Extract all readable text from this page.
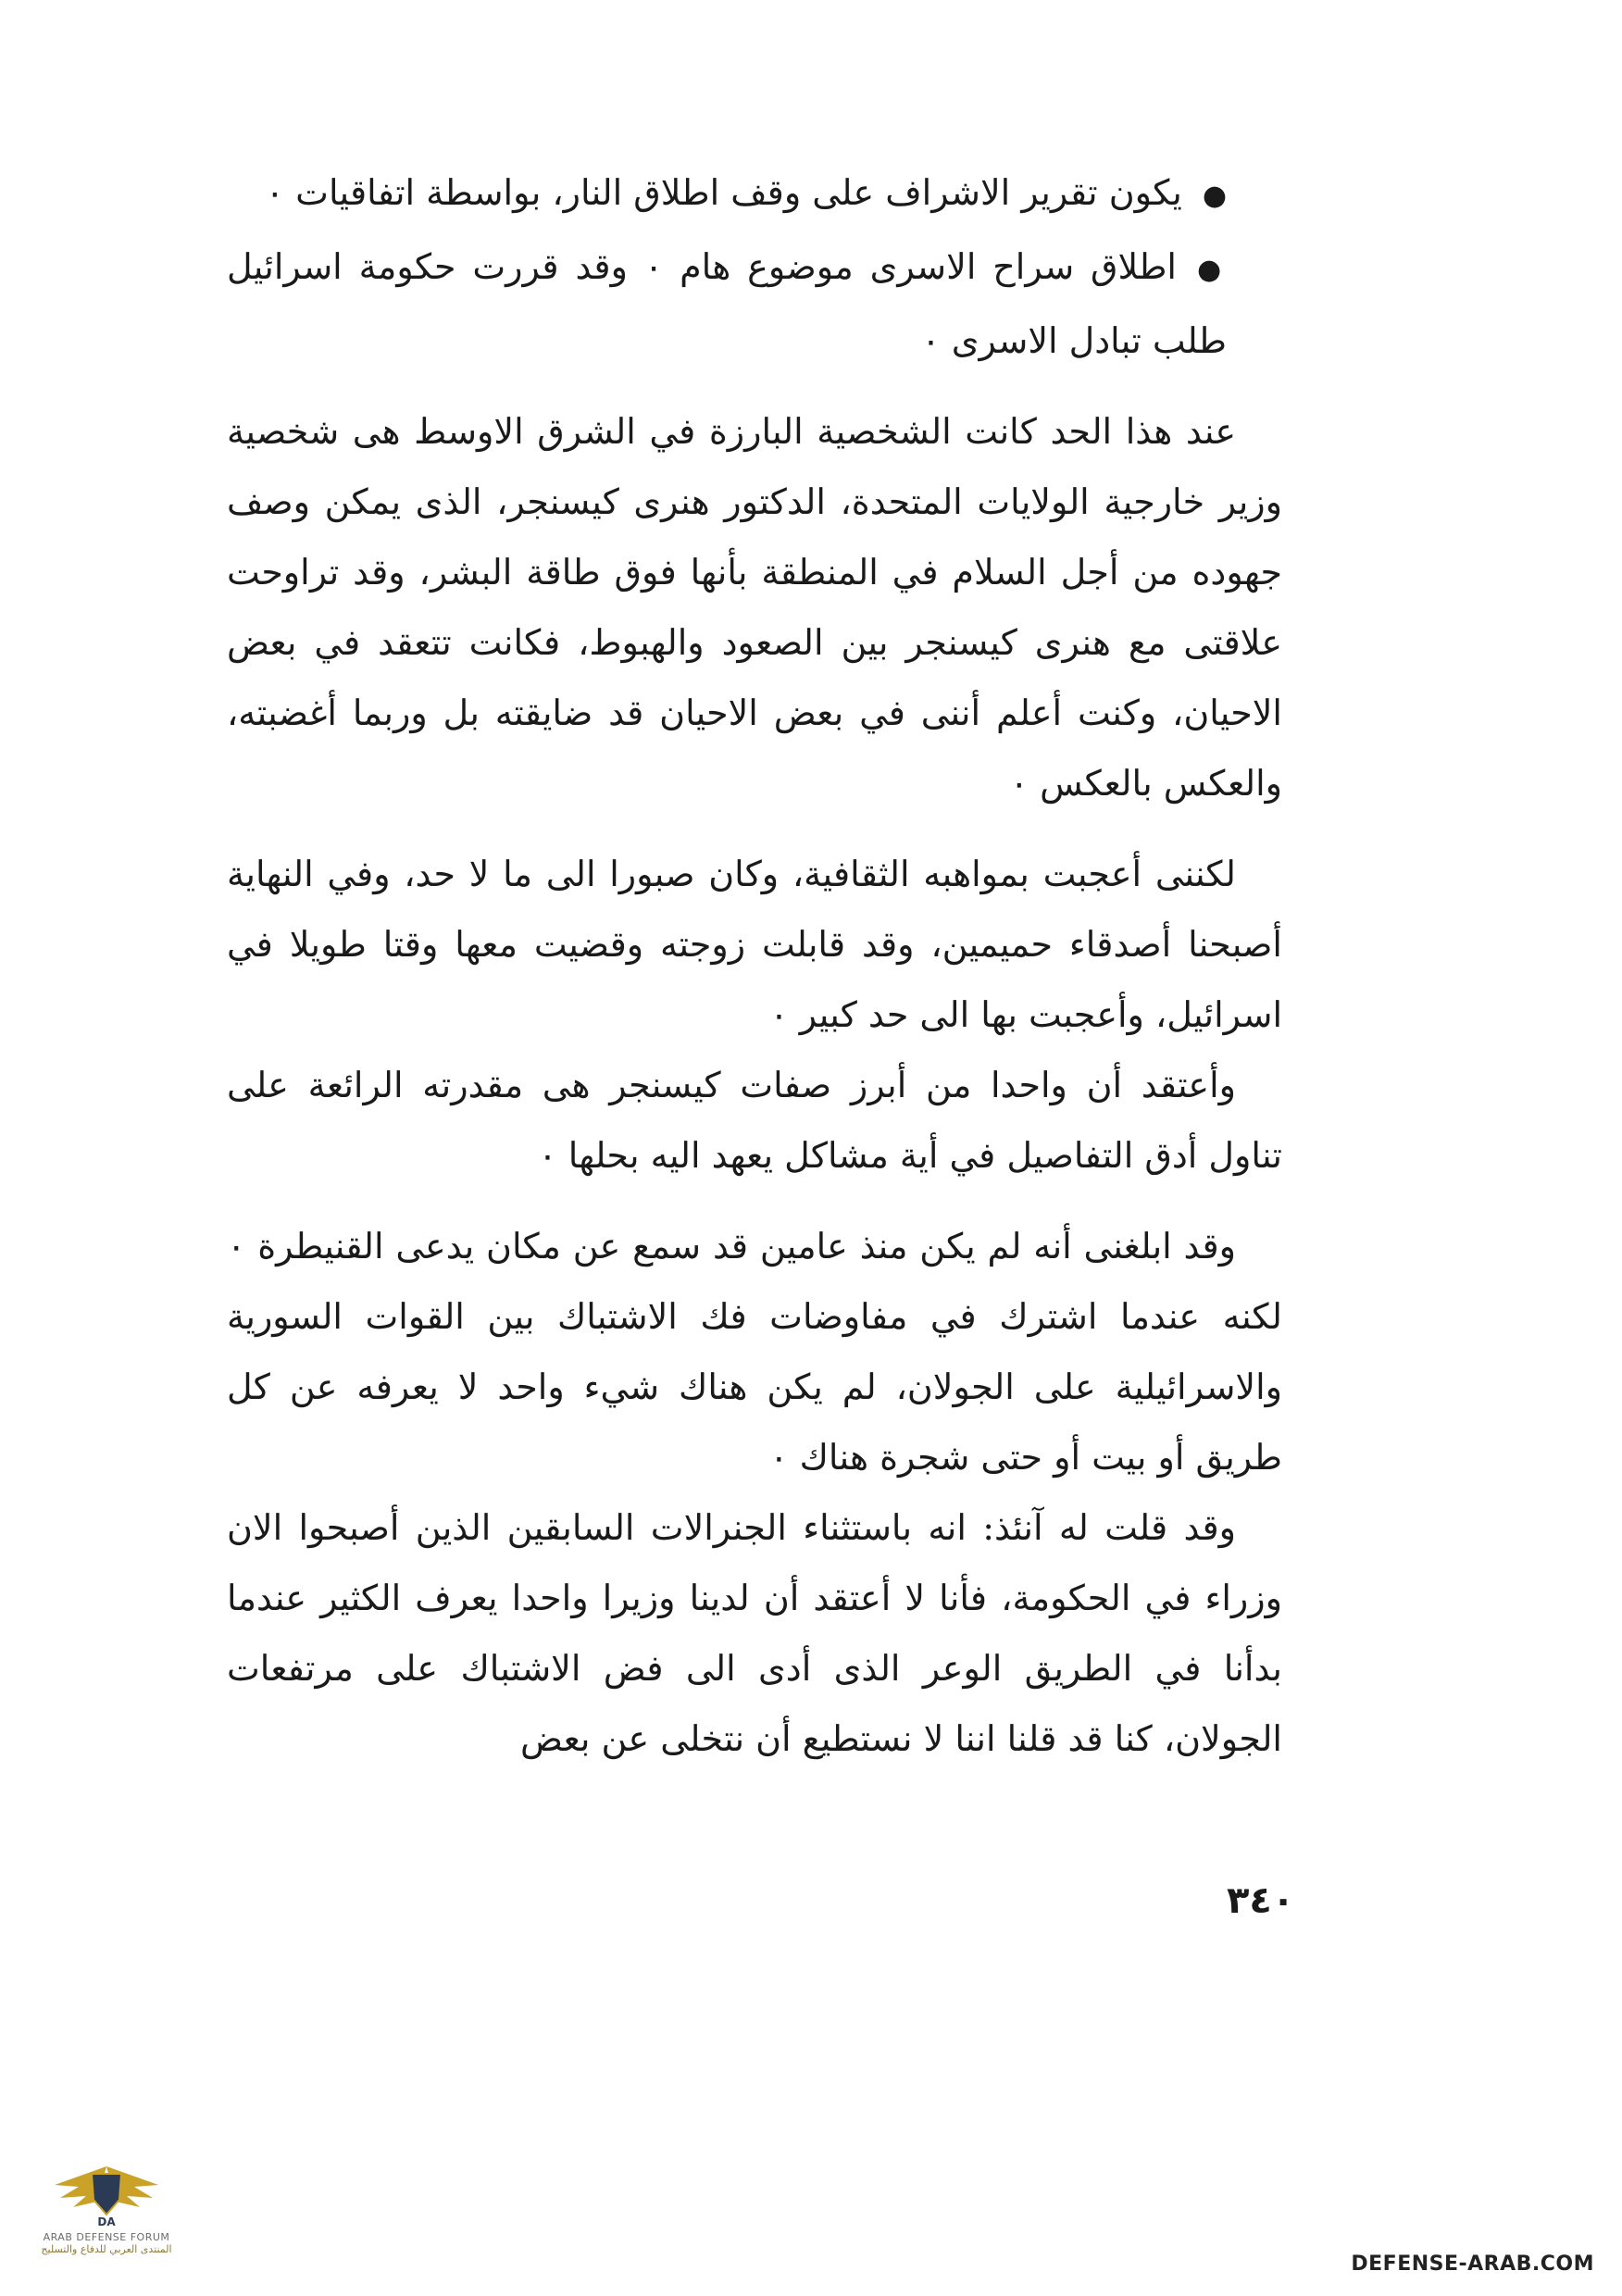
●يكون تقرير الاشراف على وقف اطلاق النار، بواسطة اتفاقيات ٠

●اطلاق سراح الاسرى موضوع هام ٠ وقد قررت حكومة اسرائيل طلب تبادل الاسرى ٠

عند هذا الحد كانت الشخصية البارزة في الشرق الاوسط هى شخصية وزير خارجية الولايات المتحدة، الدكتور هنرى كيسنجر، الذى يمكن وصف جهوده من أجل السلام في المنطقة بأنها فوق طاقة البشر، وقد تراوحت علاقتى مع هنرى كيسنجر بين الصعود والهبوط، فكانت تتعقد في بعض الاحيان، وكنت أعلم أننى في بعض الاحيان قد ضايقته بل وربما أغضبته، والعكس بالعكس ٠

لكننى أعجبت بمواهبه الثقافية، وكان صبورا الى ما لا حد، وفي النهاية أصبحنا أصدقاء حميمين، وقد قابلت زوجته وقضيت معها وقتا طويلا في اسرائيل، وأعجبت بها الى حد كبير ٠

وأعتقد أن واحدا من أبرز صفات كيسنجر هى مقدرته الرائعة على تناول أدق التفاصيل في أية مشاكل يعهد اليه بحلها ٠

وقد ابلغنى أنه لم يكن منذ عامين قد سمع عن مكان يدعى القنيطرة ٠ لكنه عندما اشترك في مفاوضات فك الاشتباك بين القوات السورية والاسرائيلية على الجولان، لم يكن هناك شيء واحد لا يعرفه عن كل طريق أو بيت أو حتى شجرة هناك ٠

وقد قلت له آنئذ: انه باستثناء الجنرالات السابقين الذين أصبحوا الان وزراء في الحكومة، فأنا لا أعتقد أن لدينا وزيرا واحدا يعرف الكثير عندما بدأنا في الطريق الوعر الذى أدى الى فض الاشتباك على مرتفعات الجولان، كنا قد قلنا اننا لا نستطيع أن نتخلى عن بعض

٣٤٠
DA
ARAB DEFENSE FORUM
المنتدى العربي للدفاع والتسليح
DEFENSE-ARAB.COM
